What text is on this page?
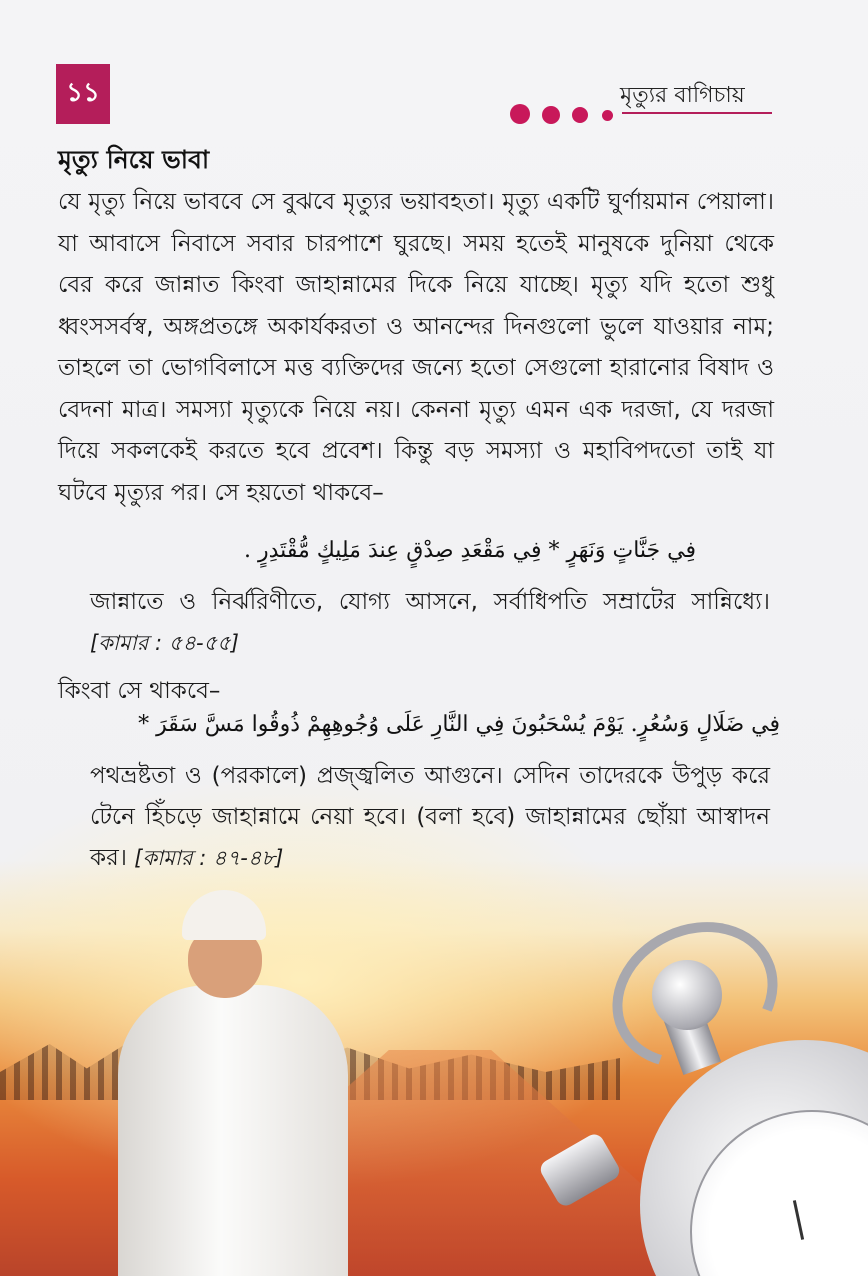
১১	মৃত্যুর বাগিচায়
মৃত্যু নিয়ে ভাবা

যে মৃত্যু নিয়ে ভাববে সে বুঝবে মৃত্যুর ভয়াবহতা। মৃত্যু একটি ঘুর্ণায়মান পেয়ালা। যা আবাসে নিবাসে সবার চারপাশে ঘুরছে। সময় হতেই মানুষকে দুনিয়া থেকে বের করে জান্নাত কিংবা জাহান্নামের দিকে নিয়ে যাচ্ছে। মৃত্যু যদি হতো শুধু ধ্বংসসর্বস্ব, অঙ্গপ্রতঙ্গে অকার্যকরতা ও আনন্দের দিনগুলো ভুলে যাওয়ার নাম; তাহলে তা ভোগবিলাসে মত্ত ব্যক্তিদের জন্যে হতো সেগুলো হারানোর বিষাদ ও বেদনা মাত্র। সমস্যা মৃত্যুকে নিয়ে নয়। কেননা মৃত্যু এমন এক দরজা, যে দরজা দিয়ে সকলকেই করতে হবে প্রবেশ। কিন্তু বড় সমস্যা ও মহাবিপদতো তাই যা ঘটবে মৃত্যুর পর। সে হয়তো থাকবে–

فِي جَنَّاتٍ وَنَهَرٍ * فِي مَقْعَدِ صِدْقٍ عِندَ مَلِيكٍ مُّقْتَدِرٍ .
জান্নাতে ও নির্ঝরিণীতে, যোগ্য আসনে, সর্বাধিপতি সম্রাটের সান্নিধ্যে। [কামার : ৫৪-৫৫]
কিংবা সে থাকবে–
فِي ضَلَالٍ وَسُعُرٍ. يَوْمَ يُسْحَبُونَ فِي النَّارِ عَلَى وُجُوهِهِمْ ذُوقُوا مَسَّ سَقَرَ *
পথভ্রষ্টতা ও (পরকালে) প্রজ্জ্বলিত আগুনে। সেদিন তাদেরকে উপুড় করে টেনে হিঁচড়ে জাহান্নামে নেয়া হবে। (বলা হবে) জাহান্নামের ছোঁয়া আস্বাদন কর। [কামার : ৪৭-৪৮]
